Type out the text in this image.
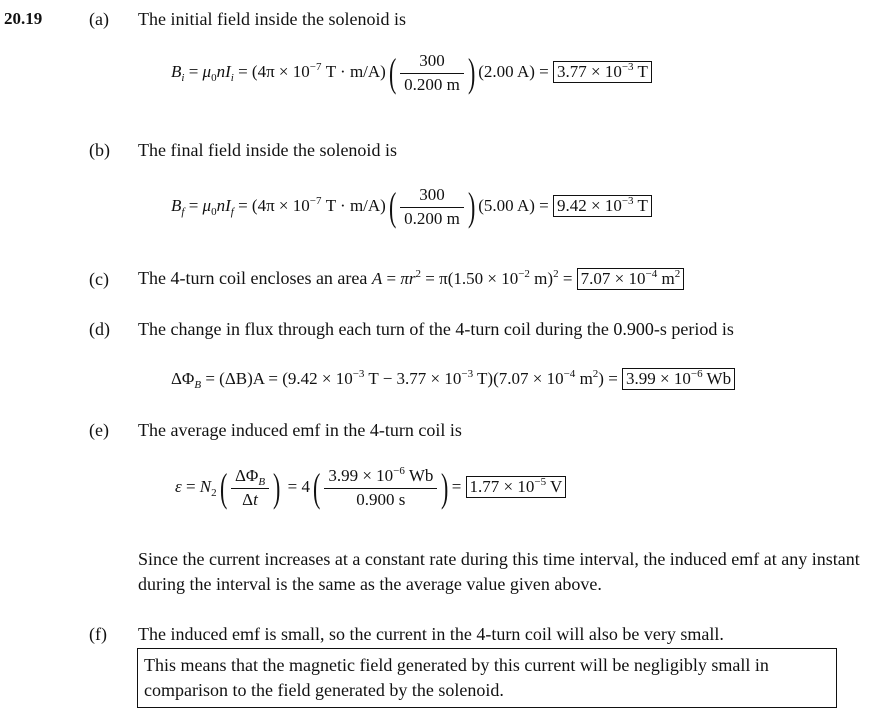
20.19	(a) The initial field inside the solenoid is
$B_i = \mu_0nI_i = (4\pi \times 10^{-7}$ $T \cdot m/A)( \frac{300}{0.200 m}$ ) (2.00 $A) = 3.77 \times 10^{-3}$ T
(b) The final field inside the solenoid is
$B_f = \mu_0nI_f = (4\pi \times 10^{-7}$ $T \cdot m/A)( \frac{300}{0.200 m}$ ) (5.00 $A) = 9.42 \times 10^{-3}$ T
(c) The 4-turn coil encloses an area $A = \pi r^2 = \pi(1.50 \times 10^{-2}$ $m)^2 = 7.07 \times 10^{-4}$ $m^2$
(d) The change in flux through each turn of the 4-turn coil during the 0.900-s period is
$\Delta\Phi_B = (\Delta B)A = (9.42 \times 10^{-3}$ $T - 3.77 \times 10^{-3}$ $T)(7.07 \times 10^{-4}$ $m^2) = 3.99 \times 10^{-6}$ Wb
(e) The average induced emf in the 4-turn coil is
$\varepsilon = N_2( \frac{\Delta\Phi_B}{\Delta t}$ ) = $4( \frac{3.99 \times 10^{-6} Wb}{0.900 s}$ ) = $1.77 \times 10^{-5}$ V
Since the current increases at a constant rate during this time interval, the induced emf at any instant during the interval is the same as the average value given above.
(f) The induced emf is small, so the current in the 4-turn coil will also be very small.
This means that the magnetic field generated by this current will be negligibly small in comparison to the field generated by the solenoid.
